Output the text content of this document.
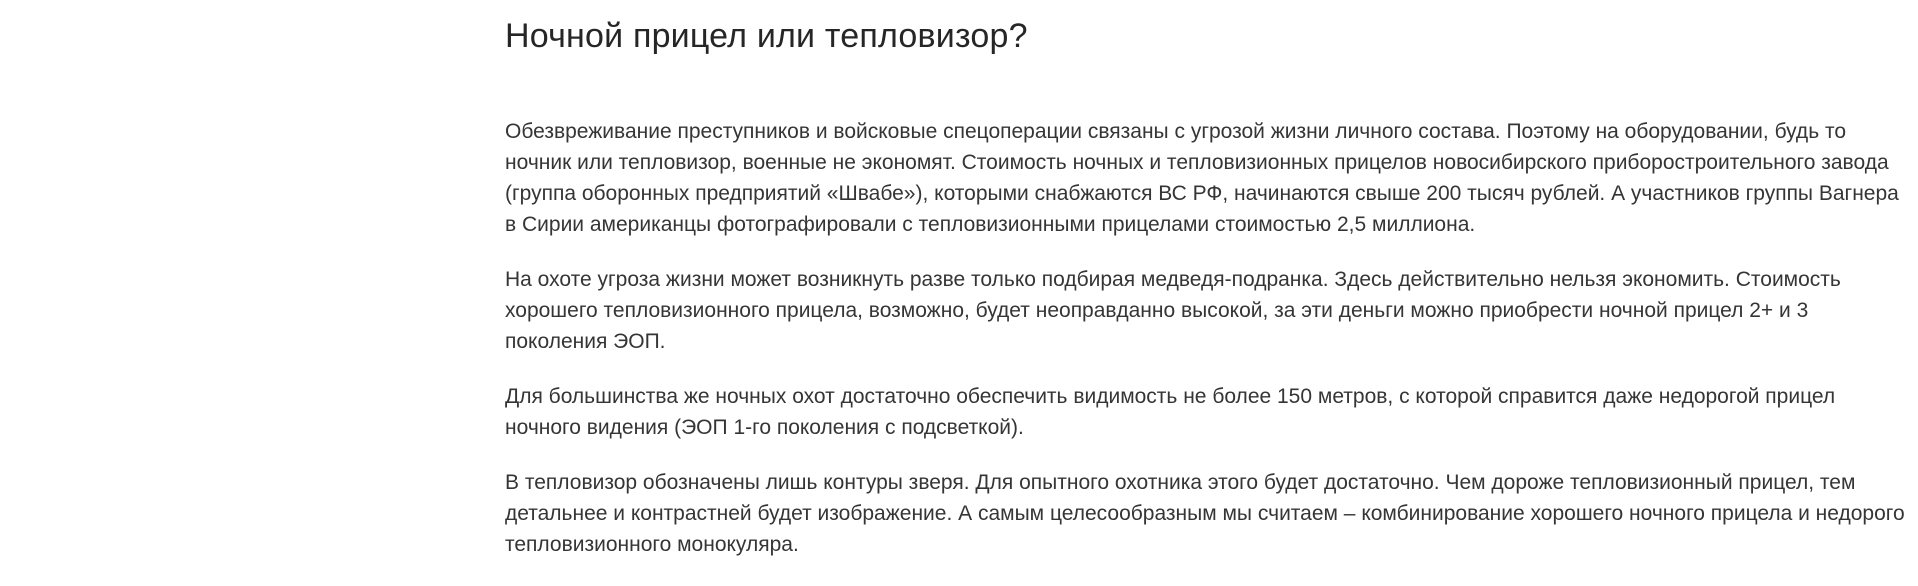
Ночной прицел или тепловизор?

Обезвреживание преступников и войсковые спецоперации связаны с угрозой жизни личного состава. Поэтому на оборудовании, будь то ночник или тепловизор, военные не экономят. Стоимость ночных и тепловизионных прицелов новосибирского приборостроительного завода (группа оборонных предприятий «Швабе»), которыми снабжаются ВС РФ, начинаются свыше 200 тысяч рублей. А участников группы Вагнера в Сирии американцы фотографировали с тепловизионными прицелами стоимостью 2,5 миллиона.

На охоте угроза жизни может возникнуть разве только подбирая медведя-подранка. Здесь действительно нельзя экономить. Стоимость хорошего тепловизионного прицела, возможно, будет неоправданно высокой, за эти деньги можно приобрести ночной прицел 2+ и 3 поколения ЭОП.

Для большинства же ночных охот достаточно обеспечить видимость не более 150 метров, с которой справится даже недорогой прицел ночного видения (ЭОП 1-го поколения с подсветкой).

В тепловизор обозначены лишь контуры зверя. Для опытного охотника этого будет достаточно. Чем дороже тепловизионный прицел, тем детальнее и контрастней будет изображение. А самым целесообразным мы считаем – комбинирование хорошего ночного прицела и недорого тепловизионного монокуляра.
